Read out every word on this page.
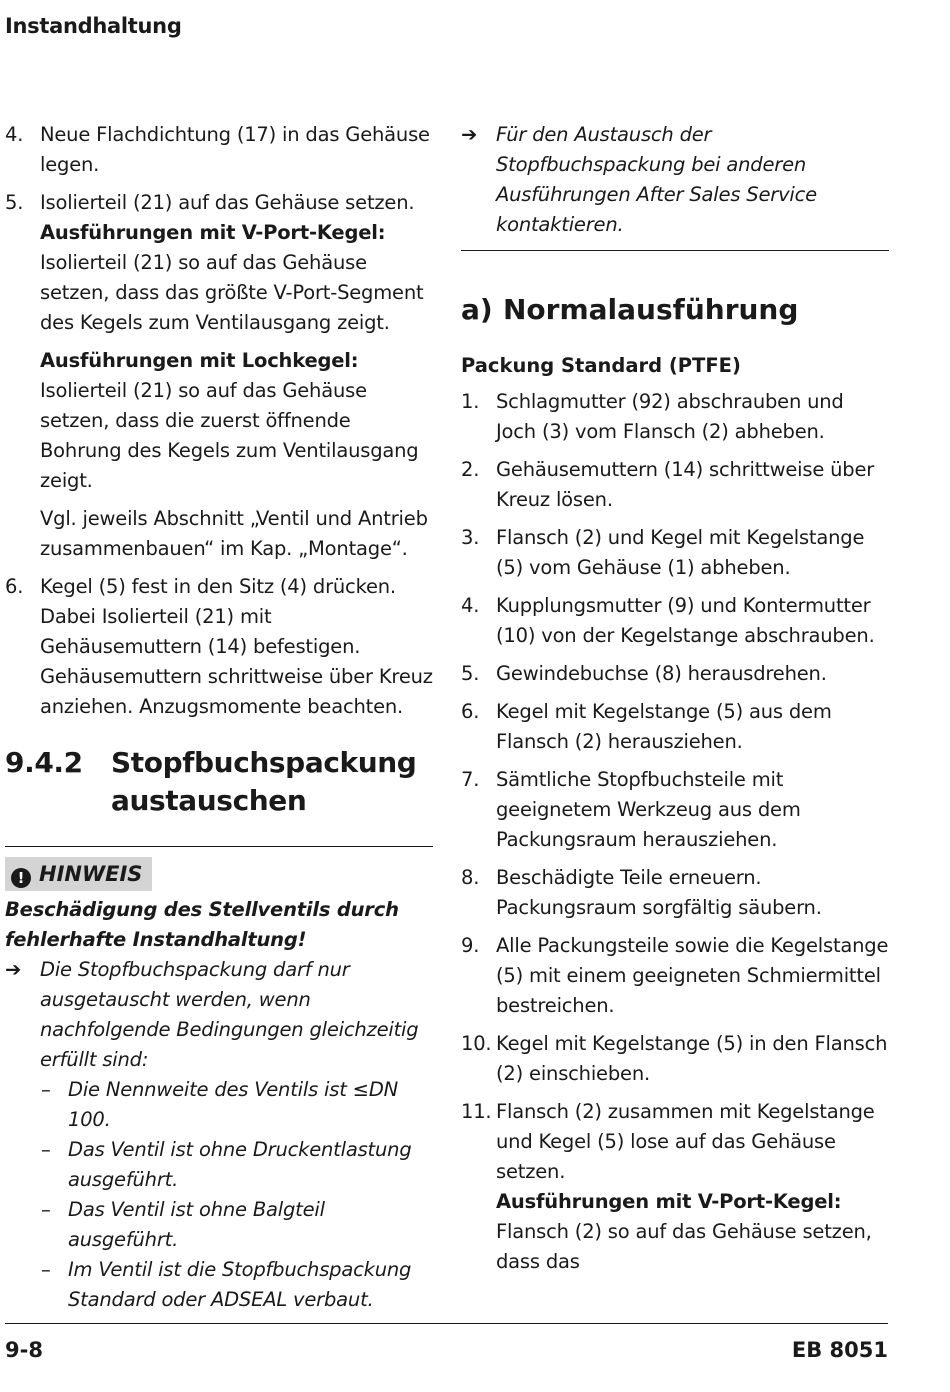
Instandhaltung
4. Neue Flachdichtung (17) in das Gehäuse legen.
5. Isolierteil (21) auf das Gehäuse setzen.
Ausführungen mit V-Port-Kegel: Isolierteil (21) so auf das Gehäuse setzen, dass das größte V-Port-Segment des Kegels zum Ventilausgang zeigt.
Ausführungen mit Lochkegel: Isolierteil (21) so auf das Gehäuse setzen, dass die zuerst öffnende Bohrung des Kegels zum Ventilausgang zeigt.
Vgl. jeweils Abschnitt „Ventil und Antrieb zusammenbauen“ im Kap. „Montage“.
6. Kegel (5) fest in den Sitz (4) drücken. Dabei Isolierteil (21) mit Gehäusemuttern (14) befestigen. Gehäusemuttern schrittweise über Kreuz anziehen. Anzugsmomente beachten.
9.4.2 Stopfbuchspackung austauschen
! HINWEIS

Beschädigung des Stellventils durch fehlerhafte Instandhaltung!

➔ Die Stopfbuchspackung darf nur ausgetauscht werden, wenn nachfolgende Bedingungen gleichzeitig erfüllt sind:
– Die Nennweite des Ventils ist ≤DN 100.
– Das Ventil ist ohne Druckentlastung ausgeführt.
– Das Ventil ist ohne Balgteil ausgeführt.
– Im Ventil ist die Stopfbuchspackung Standard oder ADSEAL verbaut.
➔ Für den Austausch der Stopfbuchspackung bei anderen Ausführungen After Sales Service kontaktieren.
a) Normalausführung
Packung Standard (PTFE)
1. Schlagmutter (92) abschrauben und Joch (3) vom Flansch (2) abheben.
2. Gehäusemuttern (14) schrittweise über Kreuz lösen.
3. Flansch (2) und Kegel mit Kegelstange (5) vom Gehäuse (1) abheben.
4. Kupplungsmutter (9) und Kontermutter (10) von der Kegelstange abschrauben.
5. Gewindebuchse (8) herausdrehen.
6. Kegel mit Kegelstange (5) aus dem Flansch (2) herausziehen.
7. Sämtliche Stopfbuchsteile mit geeignetem Werkzeug aus dem Packungsraum herausziehen.
8. Beschädigte Teile erneuern. Packungsraum sorgfältig säubern.
9. Alle Packungsteile sowie die Kegelstange (5) mit einem geeigneten Schmiermittel bestreichen.
10. Kegel mit Kegelstange (5) in den Flansch (2) einschieben.
11. Flansch (2) zusammen mit Kegelstange und Kegel (5) lose auf das Gehäuse setzen.
Ausführungen mit V-Port-Kegel: Flansch (2) so auf das Gehäuse setzen, dass das
9-8	EB 8051
